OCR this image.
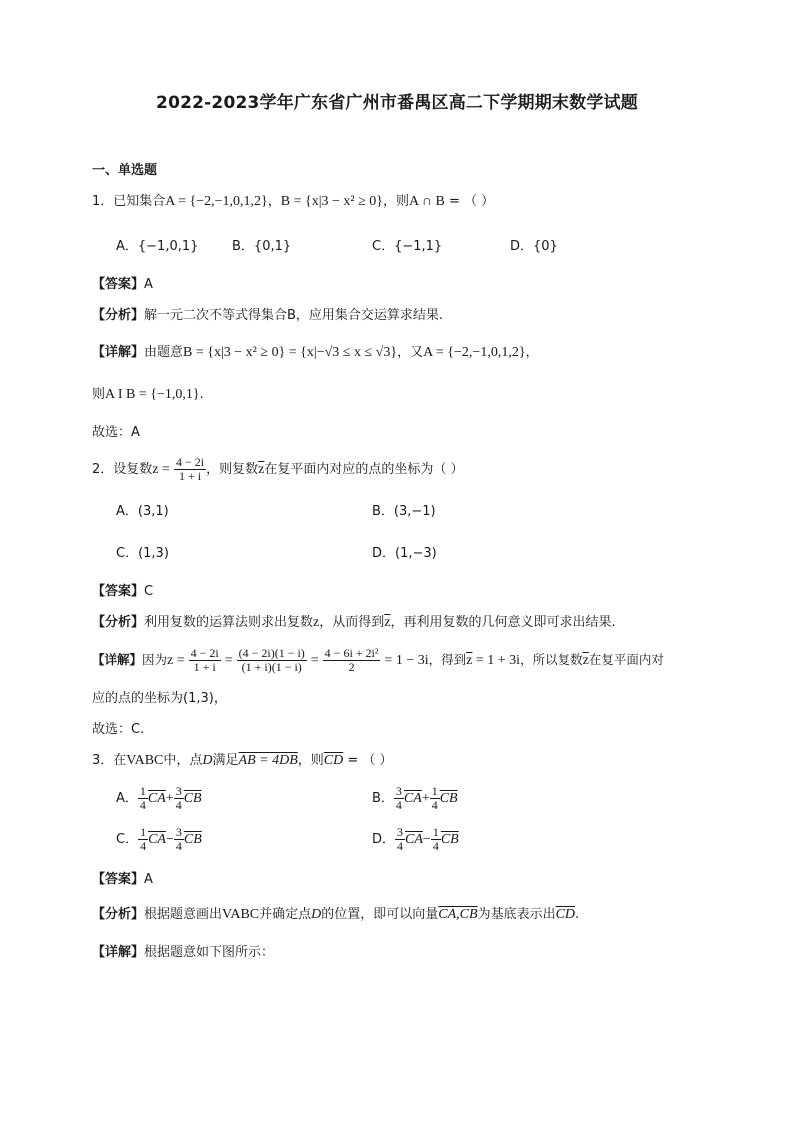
2022-2023学年广东省广州市番禺区高二下学期期末数学试题
一、单选题
1．已知集合A = {−2,−1,0,1,2}，B = {x|3 − x² ≥ 0}，则A ∩ B = （ ）
A．{−1,0,1}	B．{0,1}	C．{−1,1}	D．{0}
【答案】A
【分析】解一元二次不等式得集合B，应用集合交运算求结果.
【详解】由题意B = {x|3 − x² ≥ 0} = {x|−√3 ≤ x ≤ √3}，又A = {−2,−1,0,1,2}，
则A I B = {−1,0,1}.
故选：A
2．设复数$z = \frac{4 - 2i}{1 + i}$ ，则复数$\overline{z}$在复平面内对应的点的坐标为（ ）
A．(3,1)	B．(3,−1)
C．(1,3)	D．(1,−3)
【答案】C
【分析】利用复数的运算法则求出复数z，从而得到$\overline{z}$，再利用复数的几何意义即可求出结果.
【详解】因为$z = \frac{4 - 2i}{1 + i} = \frac{(4 - 2i)(1 - i)}{(1 + i)(1 - i)} = \frac{\text{4 − 6i + 2i²}}{2} = 1 - 3i$，得到$\overline{z} = 1 + 3i$，所以复数$\overline{z}$在复平面内对
应的点的坐标为(1,3)，
故选：C.
3．在VABC中，点D满足AB = 4DB，则$\overline{CD}$ = （ ）
A． $\frac{1}{4} \overline{CA}+ \frac{3}{4} \overline{CB}$	B． $\frac{3}{4} \overline{CA}+ \frac{1}{4} \overline{CB}$
C． $\frac{1}{4} \overline{CA}- \frac{3}{4} \overline{CB}$	D． $\frac{3}{4} \overline{CA}- \frac{1}{4} \overline{CB}$
【答案】A
【分析】根据题意画出VABC并确定点D的位置，即可以向量CA,CB为基底表示出$\overline{CD}$.
【详解】根据题意如下图所示：
